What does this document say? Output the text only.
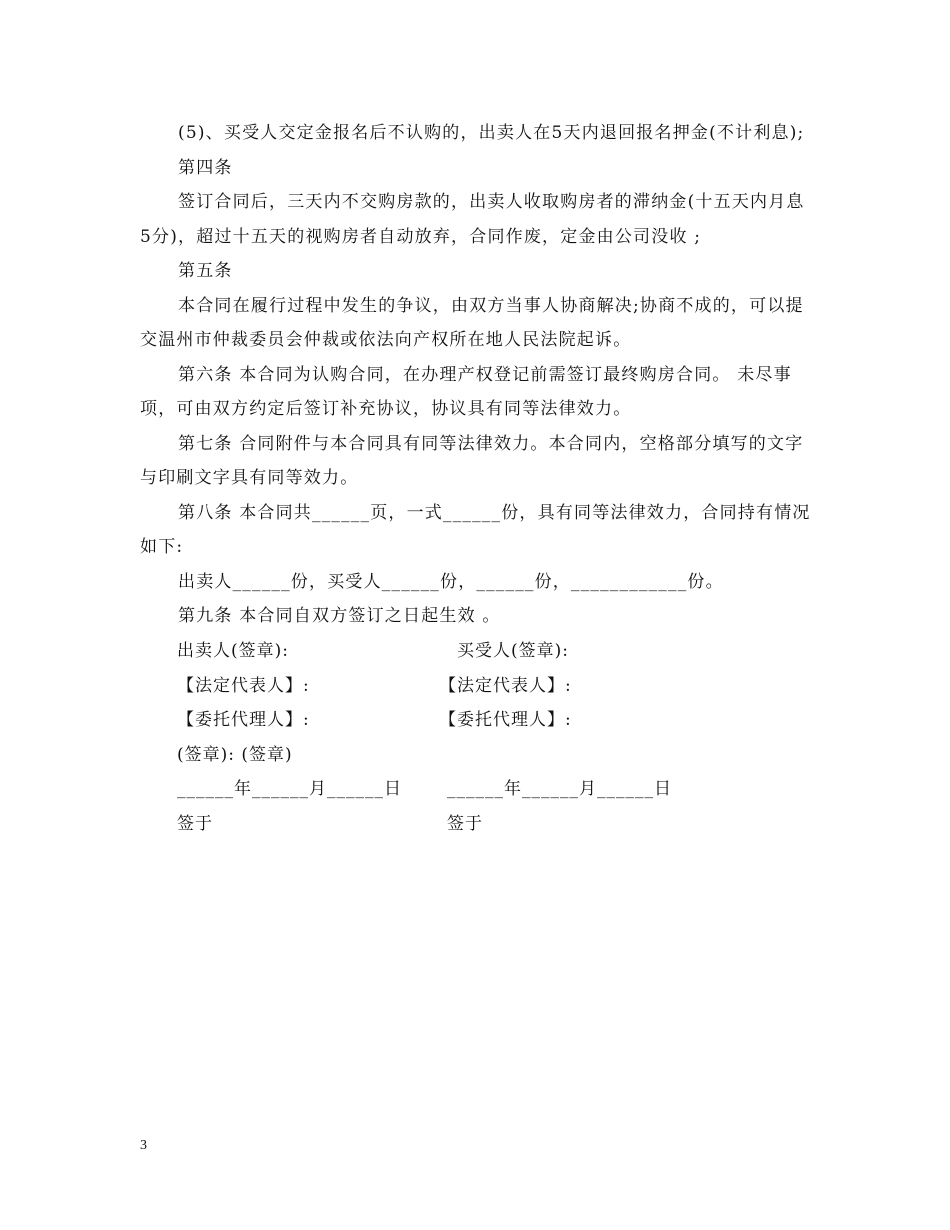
(5)、买受人交定金报名后不认购的，出卖人在5天内退回报名押金(不计利息);

第四条

签订合同后，三天内不交购房款的，出卖人收取购房者的滞纳金(十五天内月息5分)，超过十五天的视购房者自动放弃，合同作废，定金由公司没收 ;

第五条

本合同在履行过程中发生的争议，由双方当事人协商解决;协商不成的，可以提交温州市仲裁委员会仲裁或依法向产权所在地人民法院起诉。

第六条 本合同为认购合同，在办理产权登记前需签订最终购房合同。 未尽事项，可由双方约定后签订补充协议，协议具有同等法律效力。

第七条 合同附件与本合同具有同等法律效力。本合同内，空格部分填写的文字与印刷文字具有同等效力。

第八条 本合同共______页，一式______份，具有同等法律效力，合同持有情况如下:

出卖人______份，买受人______份，______份，____________份。

第九条 本合同自双方签订之日起生效 。

出卖人(签章):	买受人(签章):
【法定代表人】:	【法定代表人】:
【委托代理人】:	【委托代理人】:
(签章): (签章)
______年______月______日	______年______月______日
签于	签于
3
